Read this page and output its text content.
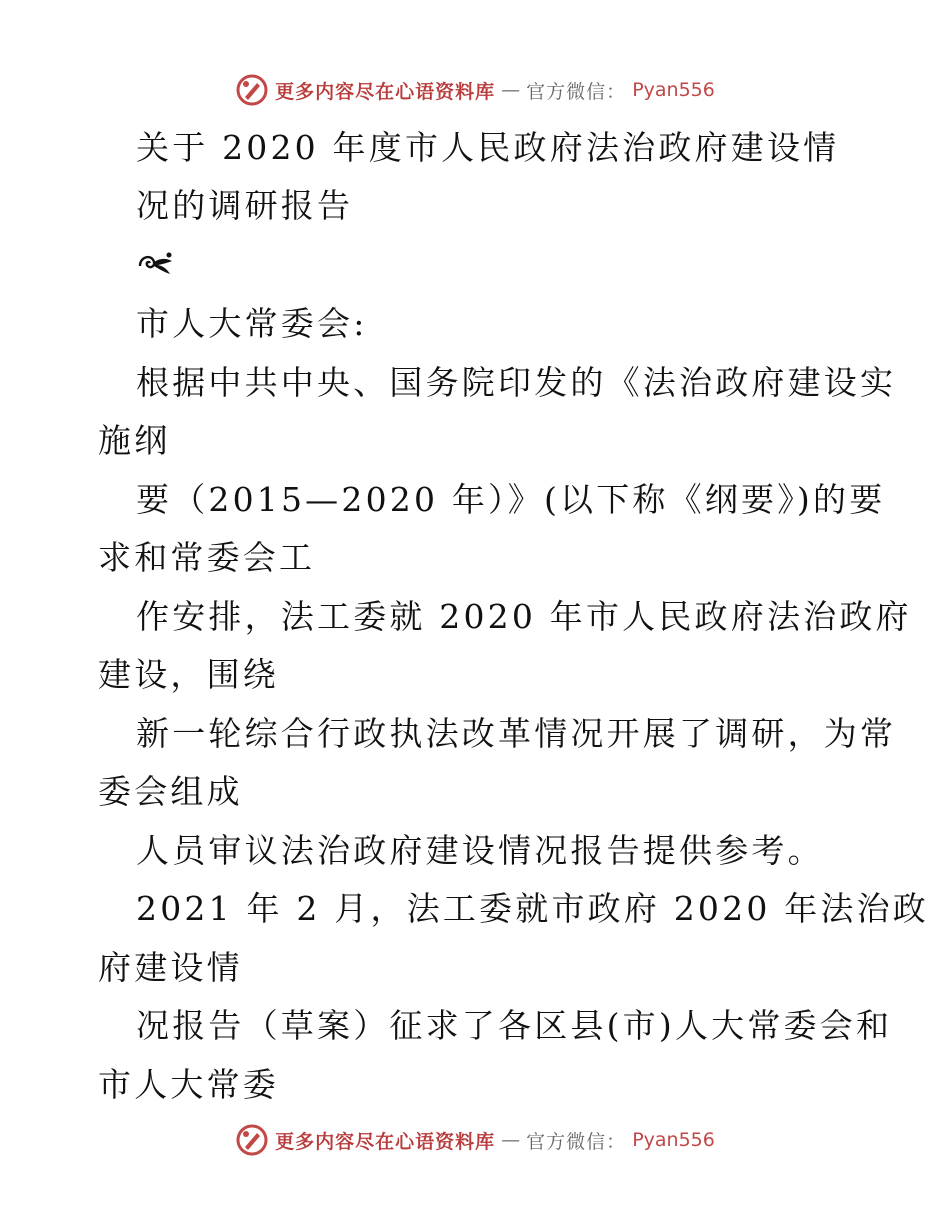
更多内容尽在心语资料库 — 官方微信： Pyan556
关于 2020 年度市人民政府法治政府建设情
况的调研报告
市人大常委会:
根据中共中央、国务院印发的《法治政府建设实
施纲
要（2015—2020 年）》(以下称《纲要》)的要
求和常委会工
作安排，法工委就 2020 年市人民政府法治政府
建设，围绕
新一轮综合行政执法改革情况开展了调研，为常
委会组成
人员审议法治政府建设情况报告提供参考。
2021 年 2 月，法工委就市政府 2020 年法治政
府建设情
况报告（草案）征求了各区县(市)人大常委会和
市人大常委
更多内容尽在心语资料库 — 官方微信： Pyan556
